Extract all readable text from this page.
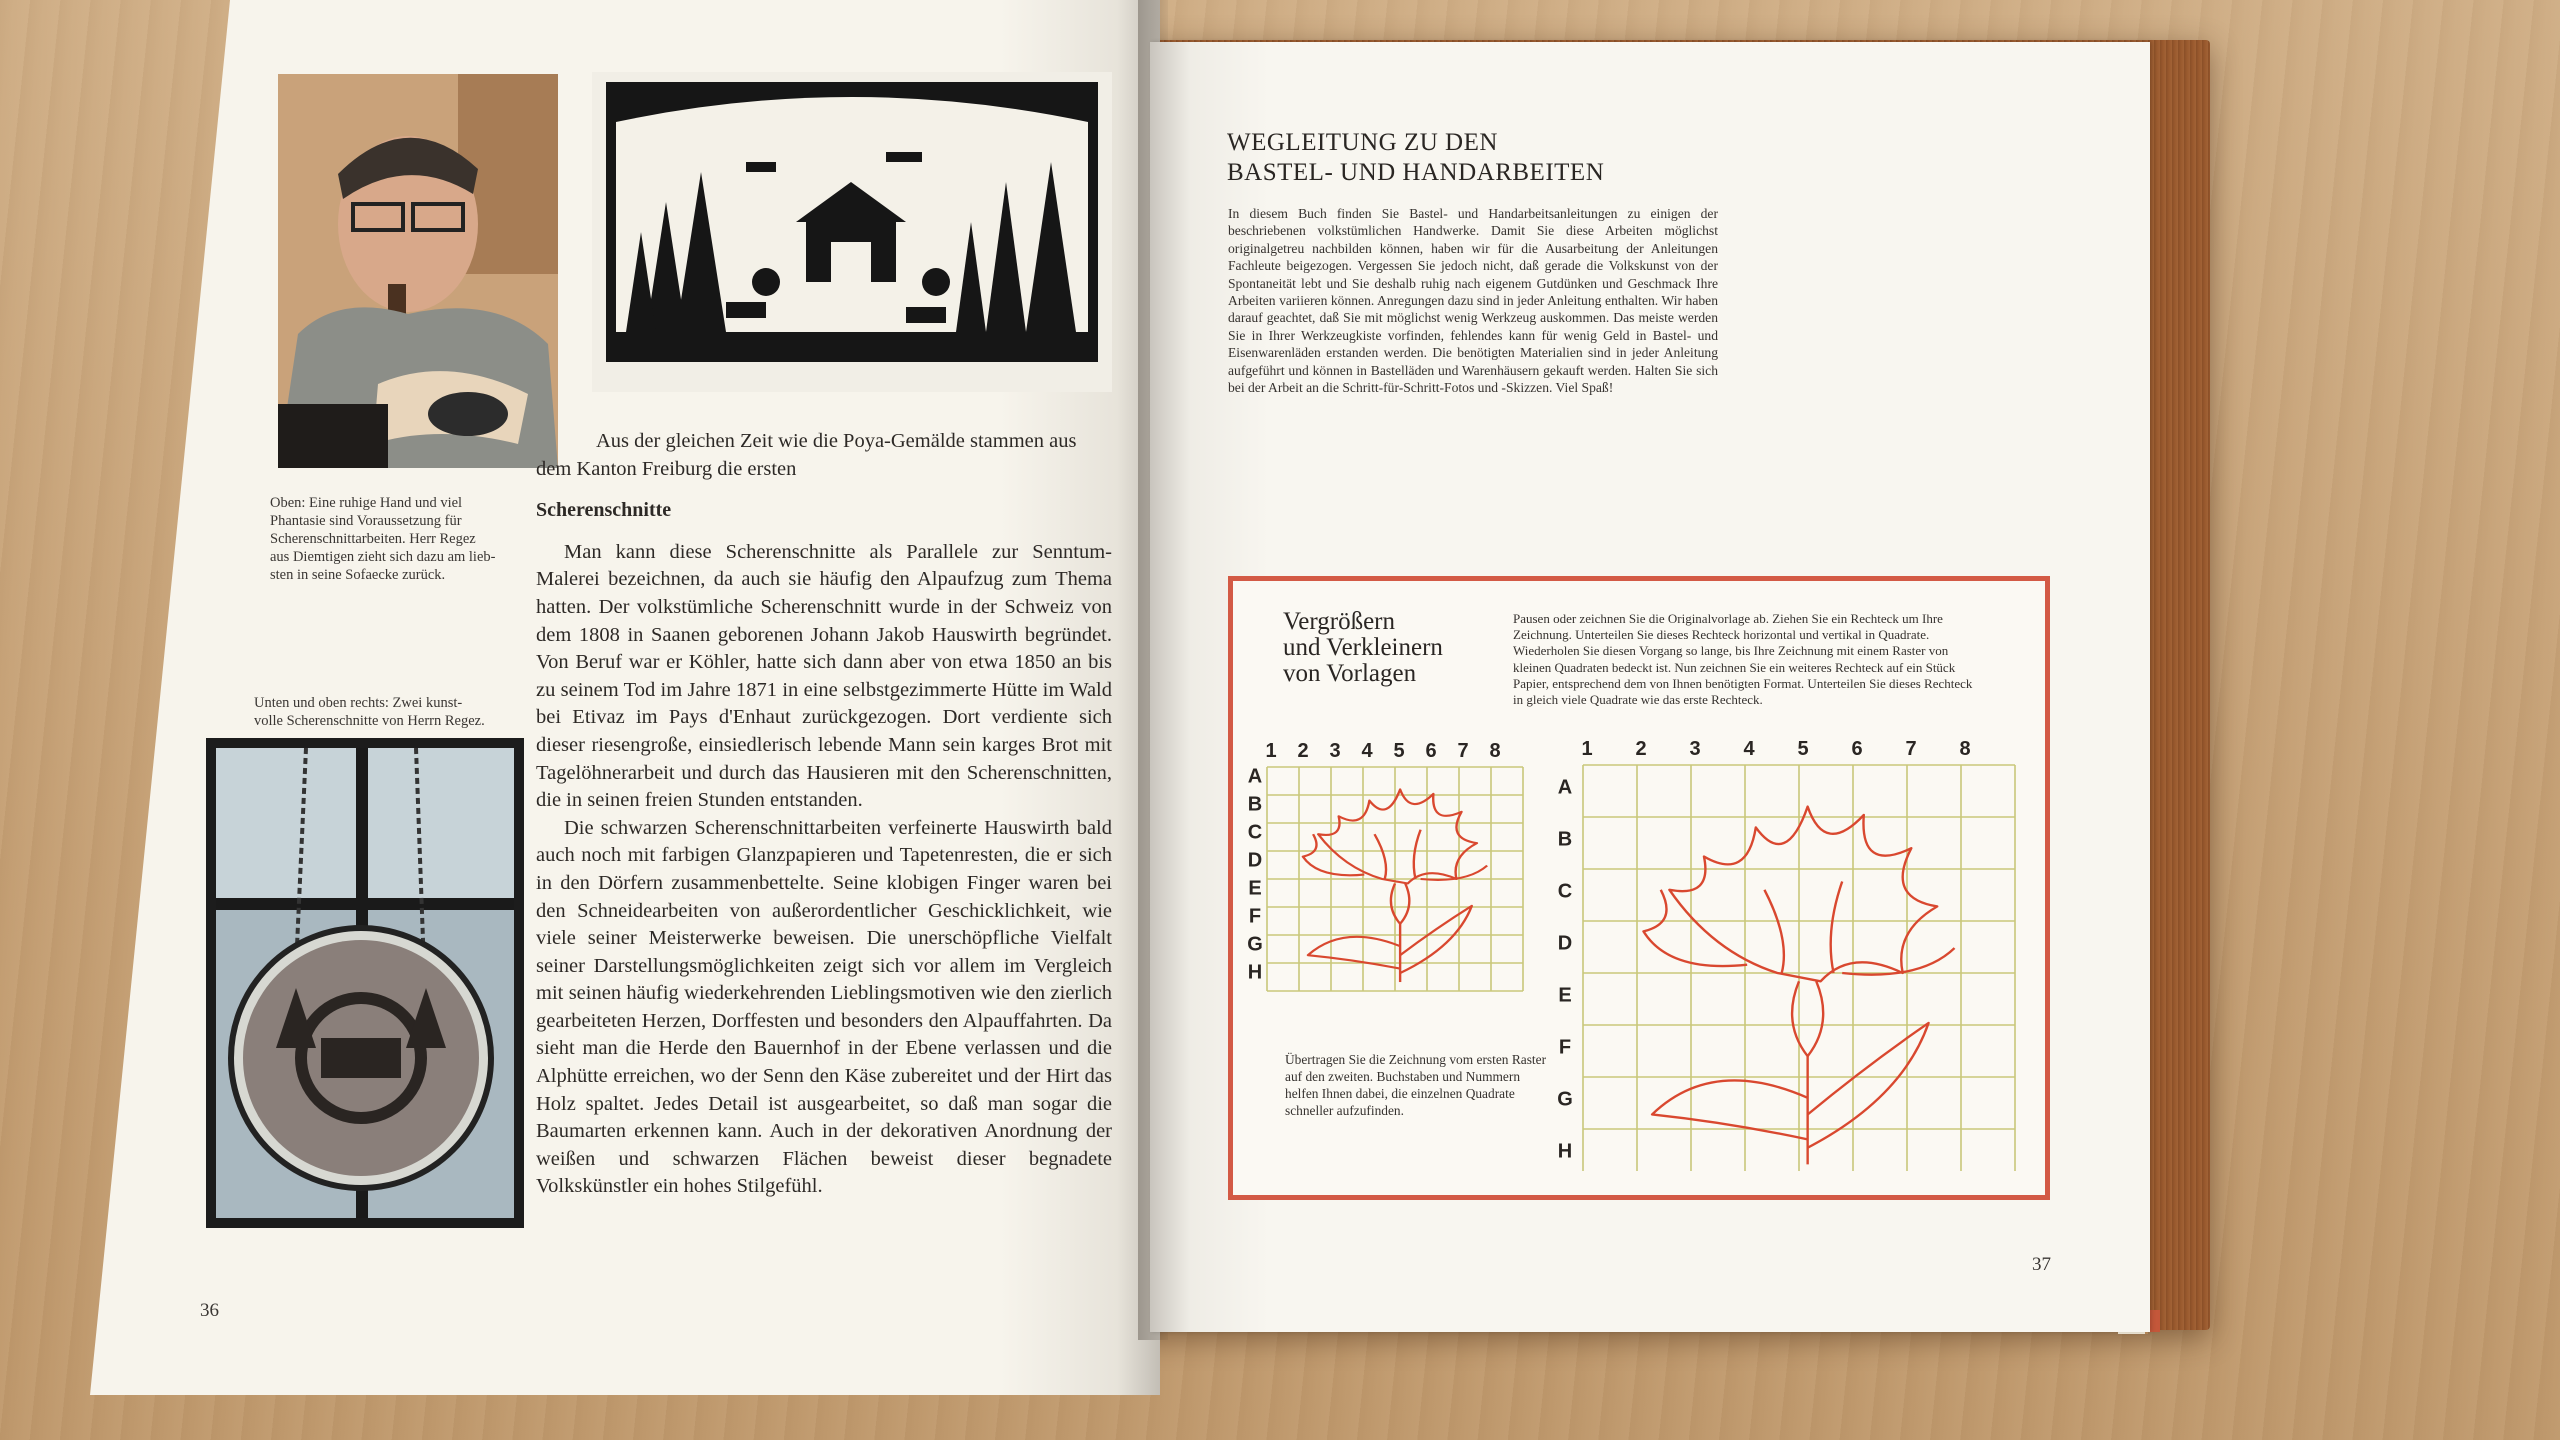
Oben: Eine ruhige Hand und viel
Phantasie sind Voraussetzung für
Scherenschnittarbeiten. Herr Regez
aus Diemtigen zieht sich dazu am lieb-
sten in seine Sofaecke zurück.
Unten und oben rechts: Zwei kunst-
volle Scherenschnitte von Herrn Regez.
Aus der gleichen Zeit wie die Poya-Gemälde stammen aus
dem Kanton Freiburg die ersten
Scherenschnitte

Man kann diese Scherenschnitte als Parallele zur Senntum-Malerei bezeichnen, da auch sie häufig den Alpaufzug zum Thema hatten. Der volkstümliche Scherenschnitt wurde in der Schweiz von dem 1808 in Saanen geborenen Johann Jakob Hauswirth begründet. Von Beruf war er Köhler, hatte sich dann aber von etwa 1850 an bis zu seinem Tod im Jahre 1871 in eine selbstgezimmerte Hütte im Wald bei Etivaz im Pays d'Enhaut zurückgezogen. Dort verdiente sich dieser riesengroße, einsiedlerisch lebende Mann sein karges Brot mit Tagelöhnerarbeit und durch das Hausieren mit den Scherenschnitten, die in seinen freien Stunden entstanden.

Die schwarzen Scherenschnittarbeiten verfeinerte Hauswirth bald auch noch mit farbigen Glanzpapieren und Tapetenresten, die er sich in den Dörfern zusammenbettelte. Seine klobigen Finger waren bei den Schneidearbeiten von außerordentlicher Geschicklichkeit, wie viele seiner Meisterwerke beweisen. Die unerschöpfliche Vielfalt seiner Darstellungsmöglichkeiten zeigt sich vor allem im Vergleich mit seinen häufig wiederkehrenden Lieblingsmotiven wie den zierlich gearbeiteten Herzen, Dorffesten und besonders den Alpauffahrten. Da sieht man die Herde den Bauernhof in der Ebene verlassen und die Alphütte erreichen, wo der Senn den Käse zubereitet und der Hirt das Holz spaltet. Jedes Detail ist ausgearbeitet, so daß man sogar die Baumarten erkennen kann. Auch in der dekorativen Anordnung der weißen und schwarzen Flächen beweist dieser begnadete Volkskünstler ein hohes Stilgefühl.

36
WEGLEITUNG ZU DEN
BASTEL- UND HANDARBEITEN
In diesem Buch finden Sie Bastel- und Handarbeitsanleitungen zu einigen der beschriebenen volkstümlichen Handwerke. Damit Sie diese Arbeiten möglichst originalgetreu nachbilden können, haben wir für die Ausarbeitung der Anleitungen Fachleute beigezogen. Vergessen Sie jedoch nicht, daß gerade die Volkskunst von der Spontaneität lebt und Sie deshalb ruhig nach eigenem Gutdünken und Geschmack Ihre Arbeiten variieren können. Anregungen dazu sind in jeder Anleitung enthalten. Wir haben darauf geachtet, daß Sie mit möglichst wenig Werkzeug auskommen. Das meiste werden Sie in Ihrer Werkzeugkiste vorfinden, fehlendes kann für wenig Geld in Bastel- und Eisenwarenläden erstanden werden. Die benötigten Materialien sind in jeder Anleitung aufgeführt und können in Bastelläden und Warenhäusern gekauft werden. Halten Sie sich bei der Arbeit an die Schritt-für-Schritt-Fotos und -Skizzen. Viel Spaß!
Vergrößern
und Verkleinern
von Vorlagen
Pausen oder zeichnen Sie die Originalvorlage ab. Ziehen Sie ein Rechteck um Ihre Zeichnung. Unterteilen Sie dieses Rechteck horizontal und vertikal in Quadrate. Wiederholen Sie diesen Vorgang so lange, bis Ihre Zeichnung mit einem Raster von kleinen Quadraten bedeckt ist. Nun zeichnen Sie ein weiteres Rechteck auf ein Stück Papier, entsprechend dem von Ihnen benötigten Format. Unterteilen Sie dieses Rechteck in gleich viele Quadrate wie das erste Rechteck.
1 2 3 4 5 6 7 8
A
B
C
D
E
F
G
H
1 2 3 4 5 6 7 8
A
B
C
D
E
F
G
H
Übertragen Sie die Zeichnung vom ersten Raster auf den zweiten. Buchstaben und Nummern helfen Ihnen dabei, die einzelnen Quadrate schneller aufzufinden.
37
